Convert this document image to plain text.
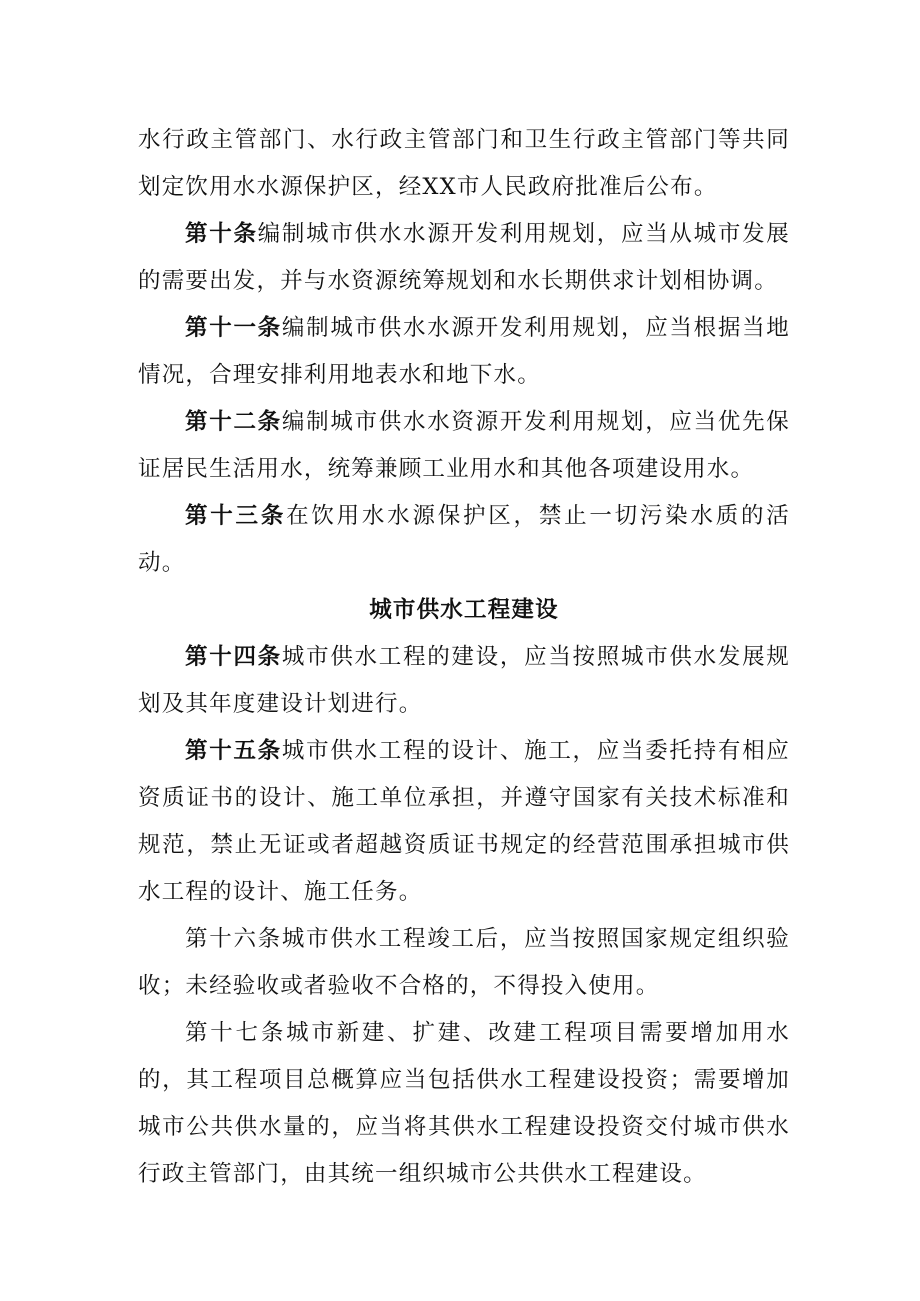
水行政主管部门、水行政主管部门和卫生行政主管部门等共同划定饮用水水源保护区，经XX市人民政府批准后公布。

第十条编制城市供水水源开发利用规划，应当从城市发展的需要出发，并与水资源统筹规划和水长期供求计划相协调。

第十一条编制城市供水水源开发利用规划，应当根据当地情况，合理安排利用地表水和地下水。

第十二条编制城市供水水资源开发利用规划，应当优先保证居民生活用水，统筹兼顾工业用水和其他各项建设用水。

第十三条在饮用水水源保护区，禁止一切污染水质的活动。

城市供水工程建设

第十四条城市供水工程的建设，应当按照城市供水发展规划及其年度建设计划进行。

第十五条城市供水工程的设计、施工，应当委托持有相应资质证书的设计、施工单位承担，并遵守国家有关技术标准和规范，禁止无证或者超越资质证书规定的经营范围承担城市供水工程的设计、施工任务。

第十六条城市供水工程竣工后，应当按照国家规定组织验收；未经验收或者验收不合格的，不得投入使用。

第十七条城市新建、扩建、改建工程项目需要增加用水的，其工程项目总概算应当包括供水工程建设投资；需要增加城市公共供水量的，应当将其供水工程建设投资交付城市供水行政主管部门，由其统一组织城市公共供水工程建设。
